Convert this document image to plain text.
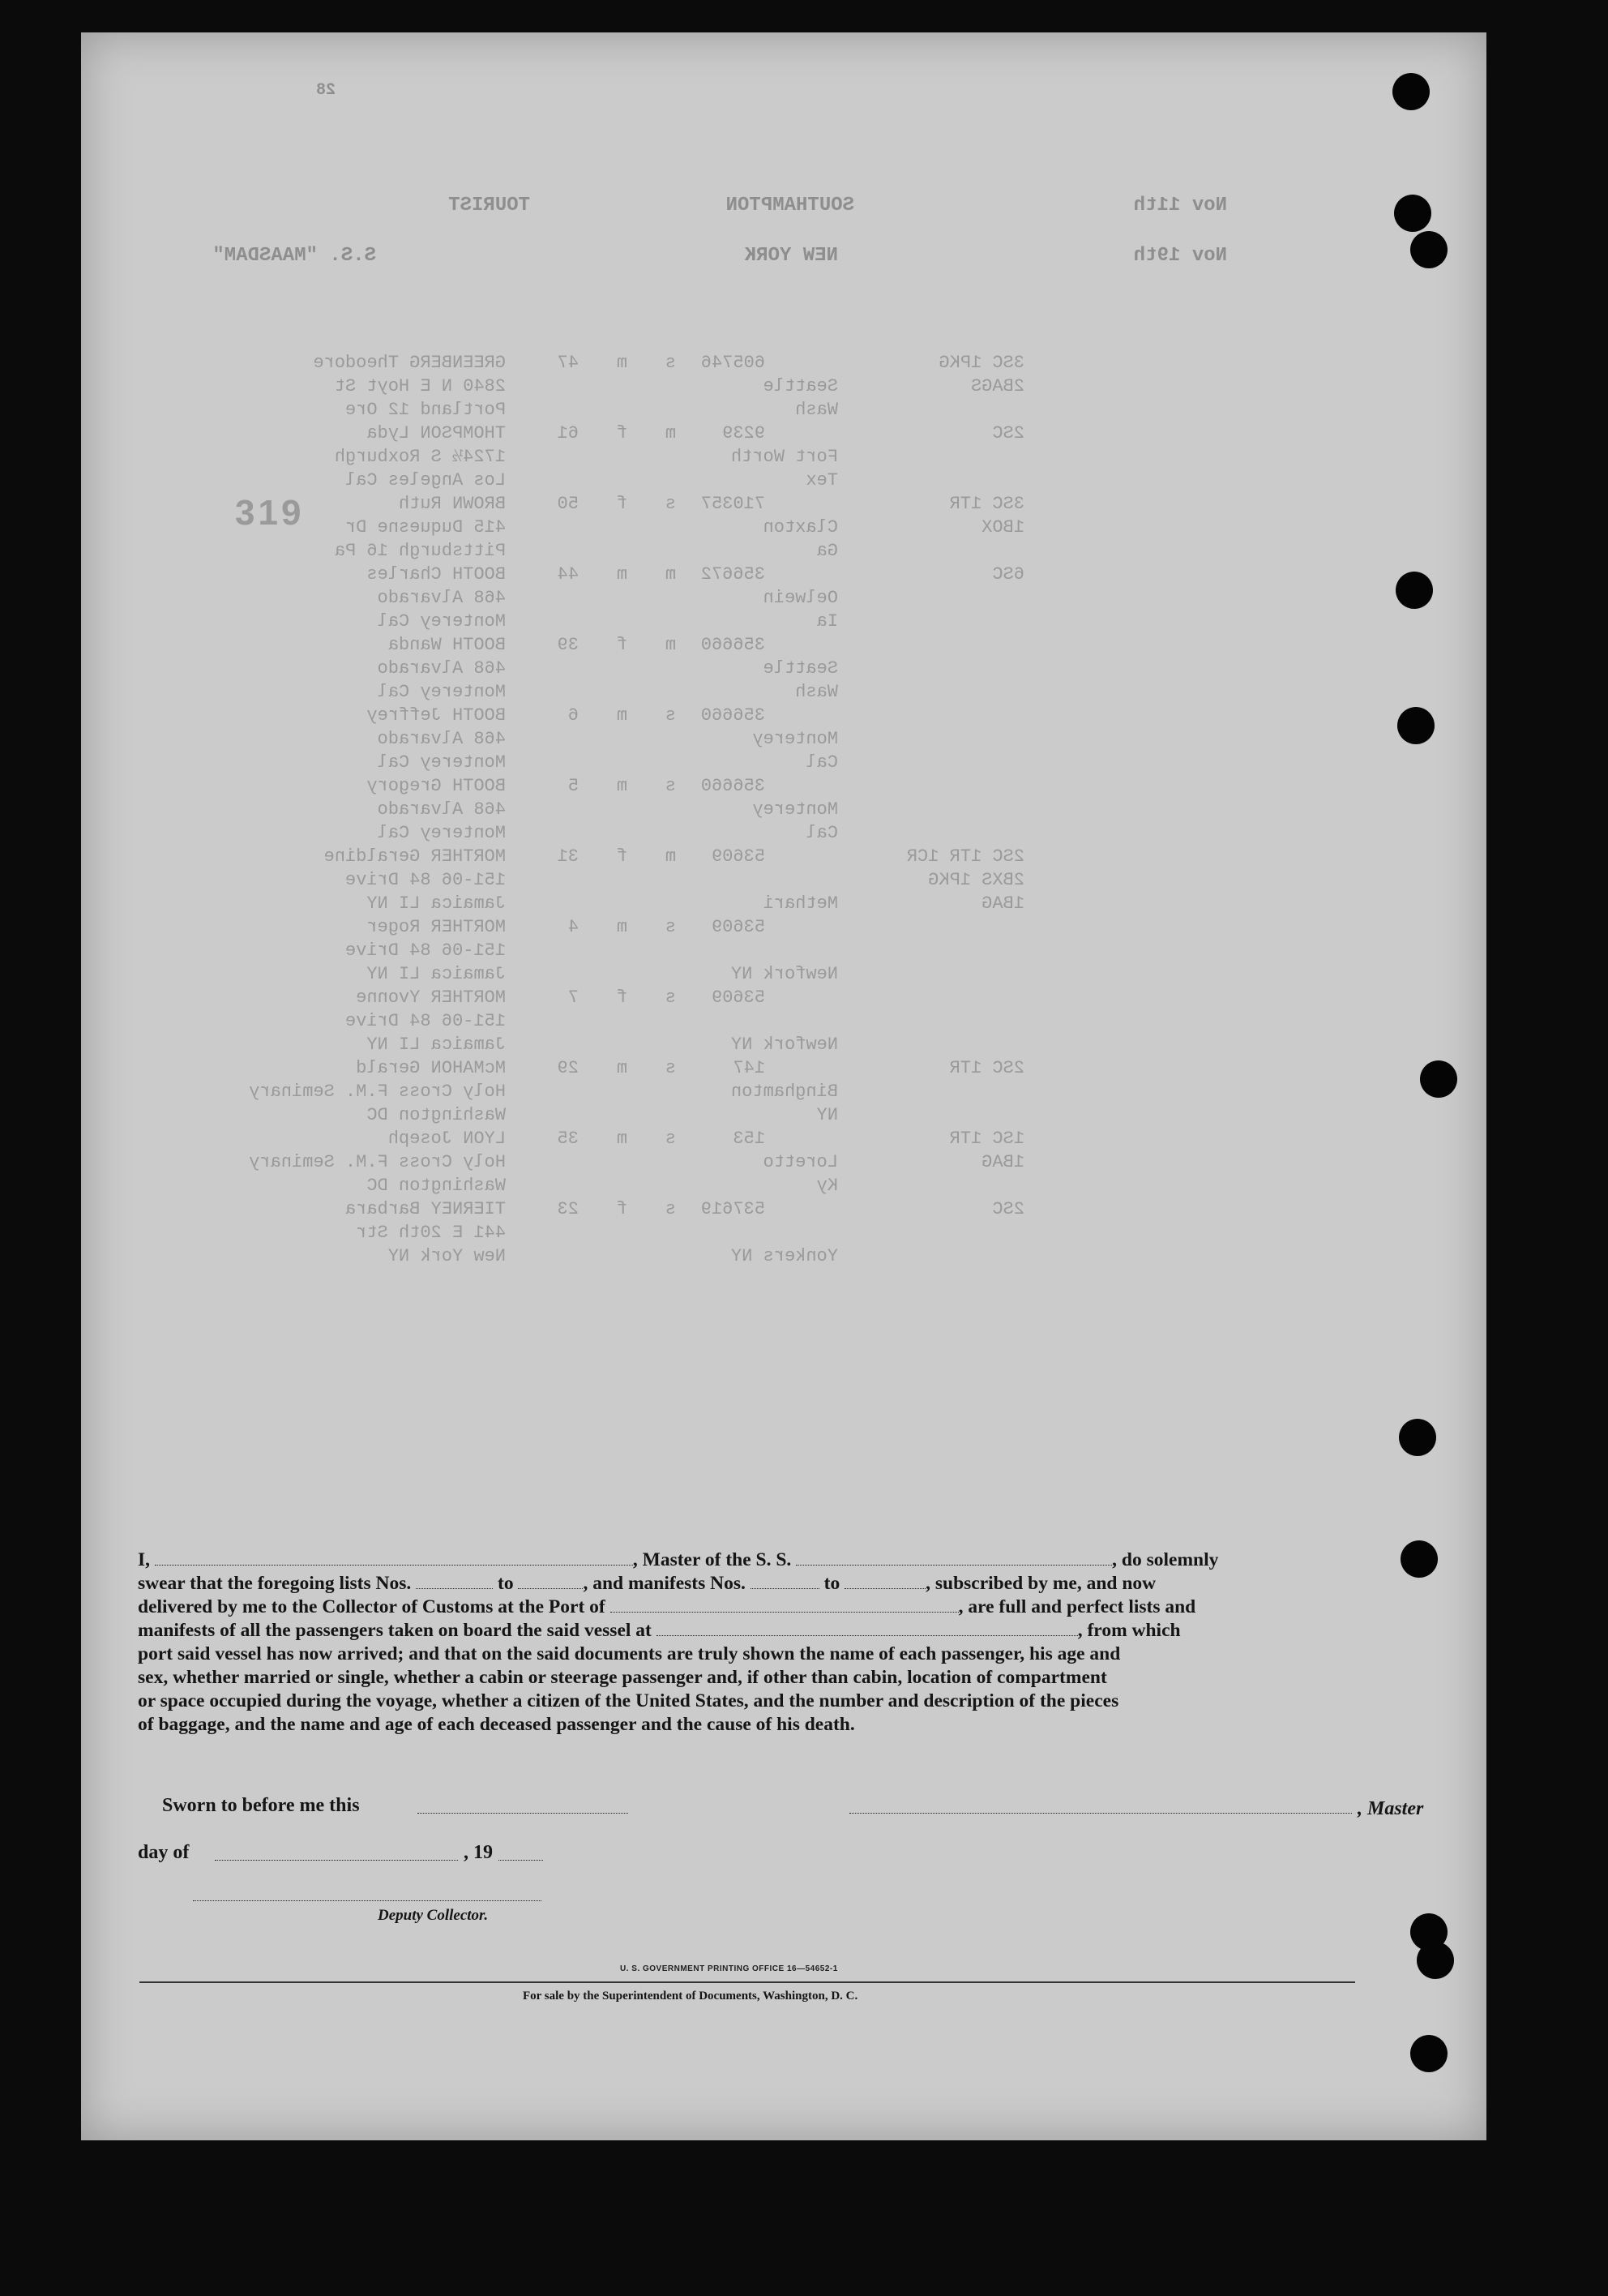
TOURIST	SOUTHAMPTON	Nov 11th
S.S. "MAASDAM"	NEW YORK	Nov 19th
28
GREENBERG Theodore	47 m s 605746	3SC 1PKG
2840 N E Hoyt St	Seattle	2BAGS
Portland 12 Ore	Wash
THOMPSON Lyda	61 f m	9239	2SC
1724½ S Roxburgh	Fort Worth
Los Angeles Cal	Tex
BROWN Ruth	50 f s 710357	3SC 1TR
415 Duquesne Dr	Claxton	1BOX
Pittsburgh 16 Pa	Ga
BOOTH Charles	44 m m 356672	6SC
468 Alvarado	Oelwein
Monterey Cal	Ia
BOOTH Wanda	39 f m 356660
468 Alvarado	Seattle
Monterey Cal	Wash
BOOTH Jeffrey	6 m s 356660
468 Alvarado	Monterey
Monterey Cal	Cal
BOOTH Gregory	5 m s 356660
468 Alvarado	Monterey
Monterey Cal	Cal
MORTHER Geraldine	31 f m 53609	2SC 1TR 1CR
151-06 84 Drive	2BXS 1PKG
Jamaica LI NY	Methari	1BAG
MORTHER Roger	4 m s 53609
151-06 84 Drive
Jamaica LI NY	Newfork NY
MORTHER Yvonne	7 f s 53609
151-06 84 Drive
Jamaica LI NY	Newfork NY
McMAHON Gerald	29 m s	147	2SC 1TR
Holy Cross F.M. Seminary	Binghamton
Washington DC	NY
LYON Joseph	35 m s	153	1SC 1TR
Holy Cross F.M. Seminary	Loretto	1BAG
Washington DC	Ky
TIERNEY Barbara	23 f s 537619	2SC
441 E 20th Str
New York NY	Yonkers NY
319

I,	, Master of the S. S.	, do solemnly

swear that the foregoing lists Nos.	to	, and manifests Nos.	to	, subscribed by me, and now

delivered by me to the Collector of Customs at the Port of	, are full and perfect lists and

manifests of all the passengers taken on board the said vessel at	, from which

port said vessel has now arrived; and that on the said documents are truly shown the name of each passenger, his age and

sex, whether married or single, whether a cabin or steerage passenger and, if other than cabin, location of compartment

or space occupied during the voyage, whether a citizen of the United States, and the number and description of the pieces

of baggage, and the name and age of each deceased passenger and the cause of his death.

Sworn to before me this	, Master
day of	, 19
Deputy Collector.
U. S. GOVERNMENT PRINTING OFFICE 16—54652-1
For sale by the Superintendent of Documents, Washington, D. C.
